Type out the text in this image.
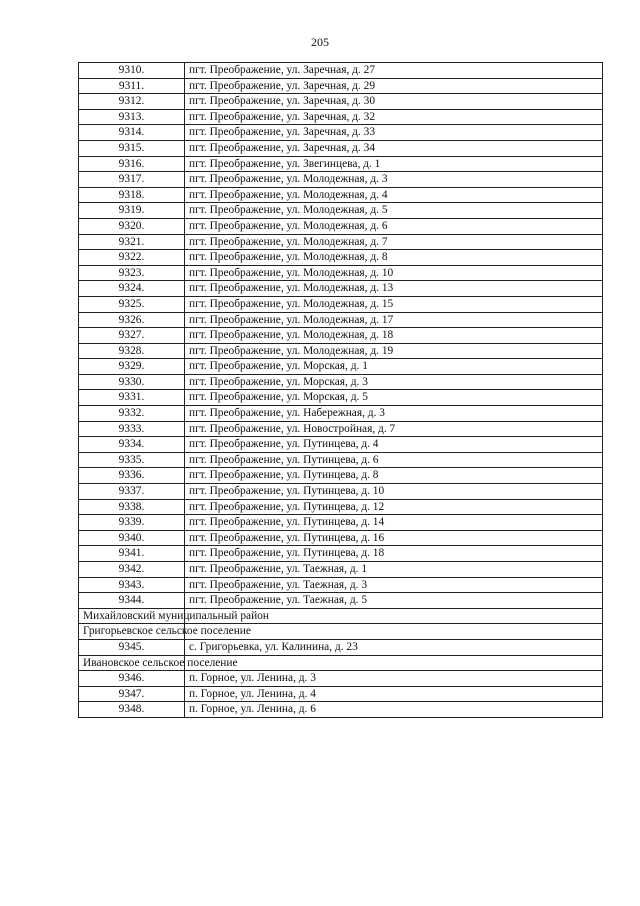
205
9310.	пгт. Преображение, ул. Заречная, д. 27
9311.	пгт. Преображение, ул. Заречная, д. 29
9312.	пгт. Преображение, ул. Заречная, д. 30
9313.	пгт. Преображение, ул. Заречная, д. 32
9314.	пгт. Преображение, ул. Заречная, д. 33
9315.	пгт. Преображение, ул. Заречная, д. 34
9316.	пгт. Преображение, ул. Звегинцева, д. 1
9317.	пгт. Преображение, ул. Молодежная, д. 3
9318.	пгт. Преображение, ул. Молодежная, д. 4
9319.	пгт. Преображение, ул. Молодежная, д. 5
9320.	пгт. Преображение, ул. Молодежная, д. 6
9321.	пгт. Преображение, ул. Молодежная, д. 7
9322.	пгт. Преображение, ул. Молодежная, д. 8
9323.	пгт. Преображение, ул. Молодежная, д. 10
9324.	пгт. Преображение, ул. Молодежная, д. 13
9325.	пгт. Преображение, ул. Молодежная, д. 15
9326.	пгт. Преображение, ул. Молодежная, д. 17
9327.	пгт. Преображение, ул. Молодежная, д. 18
9328.	пгт. Преображение, ул. Молодежная, д. 19
9329.	пгт. Преображение, ул. Морская, д. 1
9330.	пгт. Преображение, ул. Морская, д. 3
9331.	пгт. Преображение, ул. Морская, д. 5
9332.	пгт. Преображение, ул. Набережная, д. 3
9333.	пгт. Преображение, ул. Новостройная, д. 7
9334.	пгт. Преображение, ул. Путинцева, д. 4
9335.	пгт. Преображение, ул. Путинцева, д. 6
9336.	пгт. Преображение, ул. Путинцева, д. 8
9337.	пгт. Преображение, ул. Путинцева, д. 10
9338.	пгт. Преображение, ул. Путинцева, д. 12
9339.	пгт. Преображение, ул. Путинцева, д. 14
9340.	пгт. Преображение, ул. Путинцева, д. 16
9341.	пгт. Преображение, ул. Путинцева, д. 18
9342.	пгт. Преображение, ул. Таежная, д. 1
9343.	пгт. Преображение, ул. Таежная, д. 3
9344.	пгт. Преображение, ул. Таежная, д. 5
Михайловский муниципальный район	
Григорьевское сельское поселение	
9345.	с. Григорьевка, ул. Калинина, д. 23
Ивановское сельское поселение	
9346.	п. Горное, ул. Ленина, д. 3
9347.	п. Горное, ул. Ленина, д. 4
9348.	п. Горное, ул. Ленина, д. 6
